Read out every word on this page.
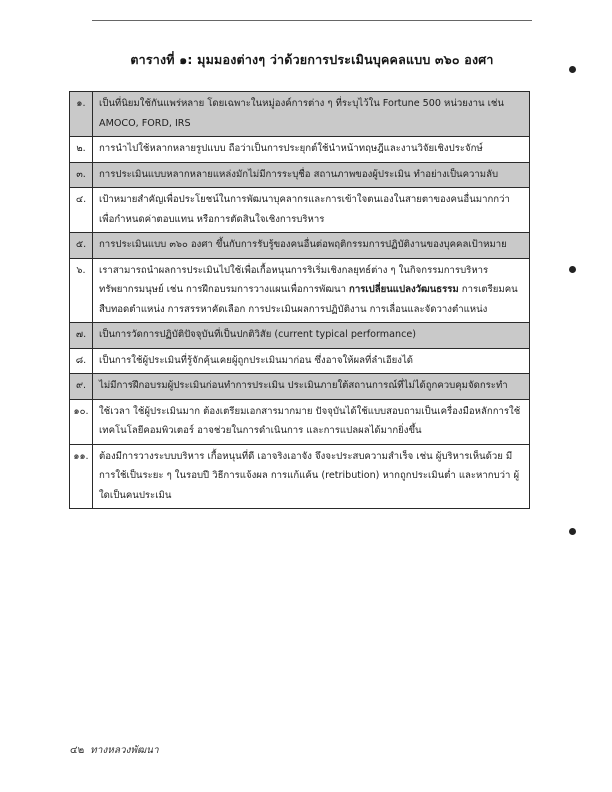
ตารางที่ ๑: มุมมองต่างๆ ว่าด้วยการประเมินบุคคลแบบ ๓๖๐ องศา
๑.	เป็นที่นิยมใช้กันแพร่หลาย โดยเฉพาะในหมู่องค์การต่าง ๆ ที่ระบุไว้ใน Fortune 500 หน่วยงาน เช่น AMOCO, FORD, IRS
๒.	การนำไปใช้หลากหลายรูปแบบ ถือว่าเป็นการประยุกต์ใช้นำหน้าทฤษฎีและงานวิจัยเชิงประจักษ์
๓.	การประเมินแบบหลากหลายแหล่งมักไม่มีการระบุชื่อ สถานภาพของผู้ประเมิน ทำอย่างเป็นความลับ
๔.	เป้าหมายสำคัญเพื่อประโยชน์ในการพัฒนาบุคลากรและการเข้าใจตนเองในสายตาของคนอื่นมากกว่า เพื่อกำหนดค่าตอบแทน หรือการตัดสินใจเชิงการบริหาร
๕.	การประเมินแบบ ๓๖๐ องศา ขึ้นกับการรับรู้ของคนอื่นต่อพฤติกรรมการปฏิบัติงานของบุคคลเป้าหมาย
๖.	เราสามารถนำผลการประเมินไปใช้เพื่อเกื้อหนุนการริเริ่มเชิงกลยุทธ์ต่าง ๆ ในกิจกรรมการบริหารทรัพยากรมนุษย์ เช่น การฝึกอบรมการวางแผนเพื่อการพัฒนา การเปลี่ยนแปลงวัฒนธรรม การเตรียมคนสืบทอดตำแหน่ง การสรรหาคัดเลือก การประเมินผลการปฏิบัติงาน การเลื่อนและจัดวางตำแหน่ง
๗.	เป็นการวัดการปฏิบัติปัจจุบันที่เป็นปกติวิสัย (current typical performance)
๘.	เป็นการใช้ผู้ประเมินที่รู้จักคุ้นเคยผู้ถูกประเมินมาก่อน ซึ่งอาจให้ผลที่ลำเอียงได้
๙.	ไม่มีการฝึกอบรมผู้ประเมินก่อนทำการประเมิน ประเมินภายใต้สถานการณ์ที่ไม่ได้ถูกควบคุมจัดกระทำ
๑๐.	ใช้เวลา ใช้ผู้ประเมินมาก ต้องเตรียมเอกสารมากมาย ปัจจุบันได้ใช้แบบสอบถามเป็นเครื่องมือหลักการใช้เทคโนโลยีคอมพิวเตอร์ อาจช่วยในการดำเนินการ และการแปลผลได้มากยิ่งขึ้น
๑๑.	ต้องมีการวางระบบบริหาร เกื้อหนุนที่ดี เอาจริงเอาจัง จึงจะประสบความสำเร็จ เช่น ผู้บริหารเห็นด้วย มีการใช้เป็นระยะ ๆ ในรอบปี วิธีการแจ้งผล การแก้แค้น (retribution) หากถูกประเมินต่ำ และหากบว่า ผู้ใดเป็นคนประเมิน
๔๒ ทางหลวงพัฒนา
